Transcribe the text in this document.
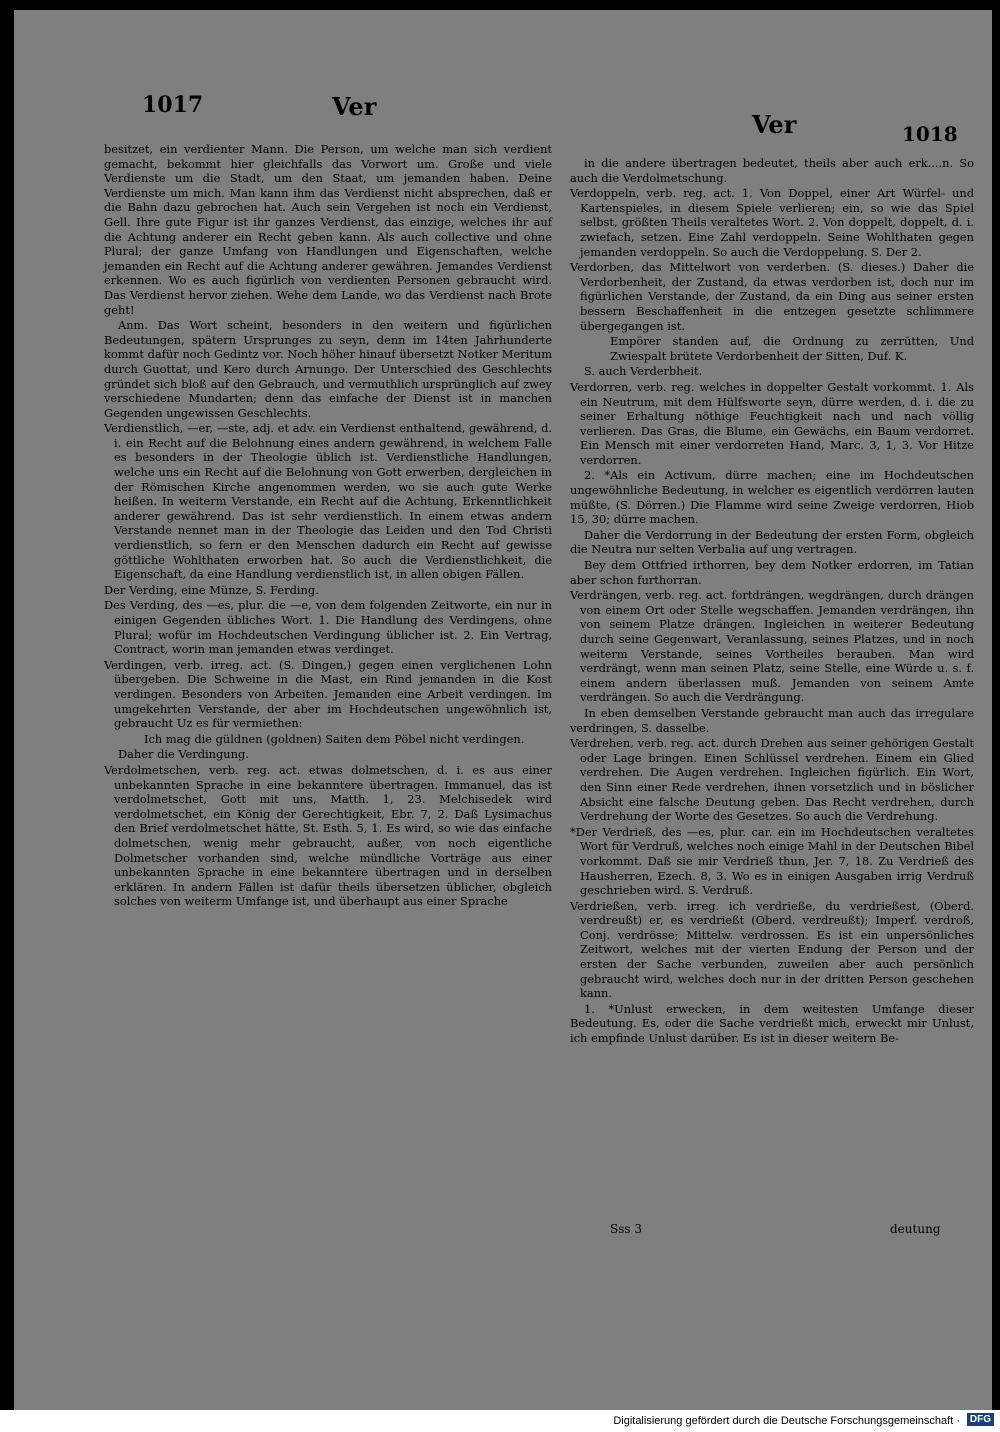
1017	Ver
Ver	1018

besitzet, ein verdienter Mann. Die Person, um welche man sich verdient gemacht, bekommt hier gleichfalls das Vorwort um. Große und viele Verdienste um die Stadt, um den Staat, um jemanden haben. Deine Verdienste um mich. Man kann ihm das Verdienst nicht absprechen, daß er die Bahn dazu gebrochen hat. Auch sein Vergehen ist noch ein Verdienst, Gell. Ihre gute Figur ist ihr ganzes Verdienst, das einzige, welches ihr auf die Achtung anderer ein Recht geben kann. Als auch collective und ohne Plural; der ganze Umfang von Handlungen und Eigenschaften, welche jemanden ein Recht auf die Achtung anderer gewähren. Jemandes Verdienst erkennen. Wo es auch figürlich von verdienten Personen gebraucht wird. Das Verdienst hervor ziehen. Wehe dem Lande, wo das Verdienst nach Brote geht!

Anm. Das Wort scheint, besonders in den weitern und figürlichen Bedeutungen, spätern Ursprunges zu seyn, denn im 14ten Jahrhunderte kommt dafür noch Gedintz vor. Noch höher hinauf übersetzt Notker Meritum durch Guottat, und Kero durch Arnungo. Der Unterschied des Geschlechts gründet sich bloß auf den Gebrauch, und vermuthlich ursprünglich auf zwey verschiedene Mundarten; denn das einfache der Dienst ist in manchen Gegenden ungewissen Geschlechts.

Verdienstlich, —er, —ste, adj. et adv. ein Verdienst enthaltend, gewährend, d. i. ein Recht auf die Belohnung eines andern gewährend, in welchem Falle es besonders in der Theologie üblich ist. Verdienstliche Handlungen, welche uns ein Recht auf die Belohnung von Gott erwerben, dergleichen in der Römischen Kirche angenommen werden, wo sie auch gute Werke heißen. In weiterm Verstande, ein Recht auf die Achtung, Erkenntlichkeit anderer gewährend. Das ist sehr verdienstlich. In einem etwas andern Verstande nennet man in der Theologie das Leiden und den Tod Christi verdienstlich, so fern er den Menschen dadurch ein Recht auf gewisse göttliche Wohlthaten erworben hat. So auch die Verdienstlichkeit, die Eigenschaft, da eine Handlung verdienstlich ist, in allen obigen Fällen.

Der Verding, eine Münze, S. Ferding.

Des Verding, des —es, plur. die —e, von dem folgenden Zeitworte, ein nur in einigen Gegenden übliches Wort. 1. Die Handlung des Verdingens, ohne Plural; wofür im Hochdeutschen Verdingung üblicher ist. 2. Ein Vertrag, Contract, worin man jemanden etwas verdinget.

Verdingen, verb. irreg. act. (S. Dingen,) gegen einen verglichenen Lohn übergeben. Die Schweine in die Mast, ein Rind jemanden in die Kost verdingen. Besonders von Arbeiten. Jemanden eine Arbeit verdingen. Im umgekehrten Verstande, der aber im Hochdeutschen ungewöhnlich ist, gebraucht Uz es für vermiethen:

Ich mag die güldnen (goldnen) Saiten dem Pöbel nicht verdingen.

Daher die Verdingung.

Verdolmetschen, verb. reg. act. etwas dolmetschen, d. i. es aus einer unbekannten Sprache in eine bekanntere übertragen. Immanuel, das ist verdolmetschet, Gott mit uns, Matth. 1, 23. Melchisedek wird verdolmetschet, ein König der Gerechtigkeit, Ebr. 7, 2. Daß Lysimachus den Brief verdolmetschet hätte, St. Esth. 5, 1. Es wird, so wie das einfache dolmetschen, wenig mehr gebraucht, außer, von noch eigentliche Dolmetscher vorhanden sind, welche mündliche Vorträge aus einer unbekannten Sprache in eine bekanntere übertragen und in derselben erklären. In andern Fällen ist dafür theils übersetzen üblicher, obgleich solches von weiterm Umfange ist, und überhaupt aus einer Sprache

in die andere übertragen bedeutet, theils aber auch erk....n. So auch die Verdolmetschung.

Verdoppeln, verb. reg. act. 1. Von Doppel, einer Art Würfel- und Kartenspieles, in diesem Spiele verlieren; ein, so wie das Spiel selbst, größten Theils veraltetes Wort. 2. Von doppelt, doppelt, d. i. zwiefach, setzen. Eine Zahl verdoppeln. Seine Wohlthaten gegen jemanden verdoppeln. So auch die Verdoppelung. S. Der 2.

Verdorben, das Mittelwort von verderben. (S. dieses.) Daher die Verdorbenheit, der Zustand, da etwas verdorben ist, doch nur im figürlichen Verstande, der Zustand, da ein Ding aus seiner ersten bessern Beschaffenheit in die entzegen gesetzte schlimmere übergegangen ist.

Empörer standen auf, die Ordnung zu zerrütten, Und Zwiespalt brütete Verdorbenheit der Sitten, Duf. K.

S. auch Verderbheit.

Verdorren, verb. reg. welches in doppelter Gestalt vorkommt. 1. Als ein Neutrum, mit dem Hülfsworte seyn, dürre werden, d. i. die zu seiner Erhaltung nöthige Feuchtigkeit nach und nach völlig verlieren. Das Gras, die Blume, ein Gewächs, ein Baum verdorret. Ein Mensch mit einer verdorreten Hand, Marc. 3, 1, 3. Vor Hitze verdorren.

2. *Als ein Activum, dürre machen; eine im Hochdeutschen ungewöhnliche Bedeutung, in welcher es eigentlich verdörren lauten müßte, (S. Dörren.) Die Flamme wird seine Zweige verdorren, Hiob 15, 30; dürre machen.

Daher die Verdorrung in der Bedeutung der ersten Form, obgleich die Neutra nur selten Verbalia auf ung vertragen.

Bey dem Ottfried irthorren, bey dem Notker erdorren, im Tatian aber schon furthorran.

Verdrängen, verb. reg. act. fortdrängen, wegdrängen, durch drängen von einem Ort oder Stelle wegschaffen. Jemanden verdrängen, ihn von seinem Platze drängen. Ingleichen in weiterer Bedeutung durch seine Gegenwart, Veranlassung, seines Platzes, und in noch weiterm Verstande, seines Vortheiles berauben. Man wird verdrängt, wenn man seinen Platz, seine Stelle, eine Würde u. s. f. einem andern überlassen muß. Jemanden von seinem Amte verdrängen. So auch die Verdrängung.

In eben demselben Verstande gebraucht man auch das irregulare verdringen, S. dasselbe.

Verdrehen, verb. reg. act. durch Drehen aus seiner gehörigen Gestalt oder Lage bringen. Einen Schlüssel verdrehen. Einem ein Glied verdrehen. Die Augen verdrehen. Ingleichen figürlich. Ein Wort, den Sinn einer Rede verdrehen, ihnen vorsetzlich und in böslicher Absicht eine falsche Deutung geben. Das Recht verdrehen, durch Verdrehung der Worte des Gesetzes. So auch die Verdrehung.

*Der Verdrieß, des —es, plur. car. ein im Hochdeutschen veraltetes Wort für Verdruß, welches noch einige Mahl in der Deutschen Bibel vorkommt. Daß sie mir Verdrieß thun, Jer. 7, 18. Zu Verdrieß des Hausherren, Ezech. 8, 3. Wo es in einigen Ausgaben irrig Verdruß geschrieben wird. S. Verdruß.

Verdrießen, verb. irreg. ich verdrieße, du verdrießest, (Oberd. verdreußt) er, es verdrießt (Oberd. verdreußt); Imperf. verdroß, Conj. verdrösse; Mittelw. verdrossen. Es ist ein unpersönliches Zeitwort, welches mit der vierten Endung der Person und der ersten der Sache verbunden, zuweilen aber auch persönlich gebraucht wird, welches doch nur in der dritten Person geschehen kann.

1. *Unlust erwecken, in dem weitesten Umfange dieser Bedeutung. Es, oder die Sache verdrießt mich, erweckt mir Unlust, ich empfinde Unlust darüber. Es ist in dieser weitern Be-

Sss 3	deutung
Digitalisierung gefördert durch die Deutsche Forschungsgemeinschaft · DFG
